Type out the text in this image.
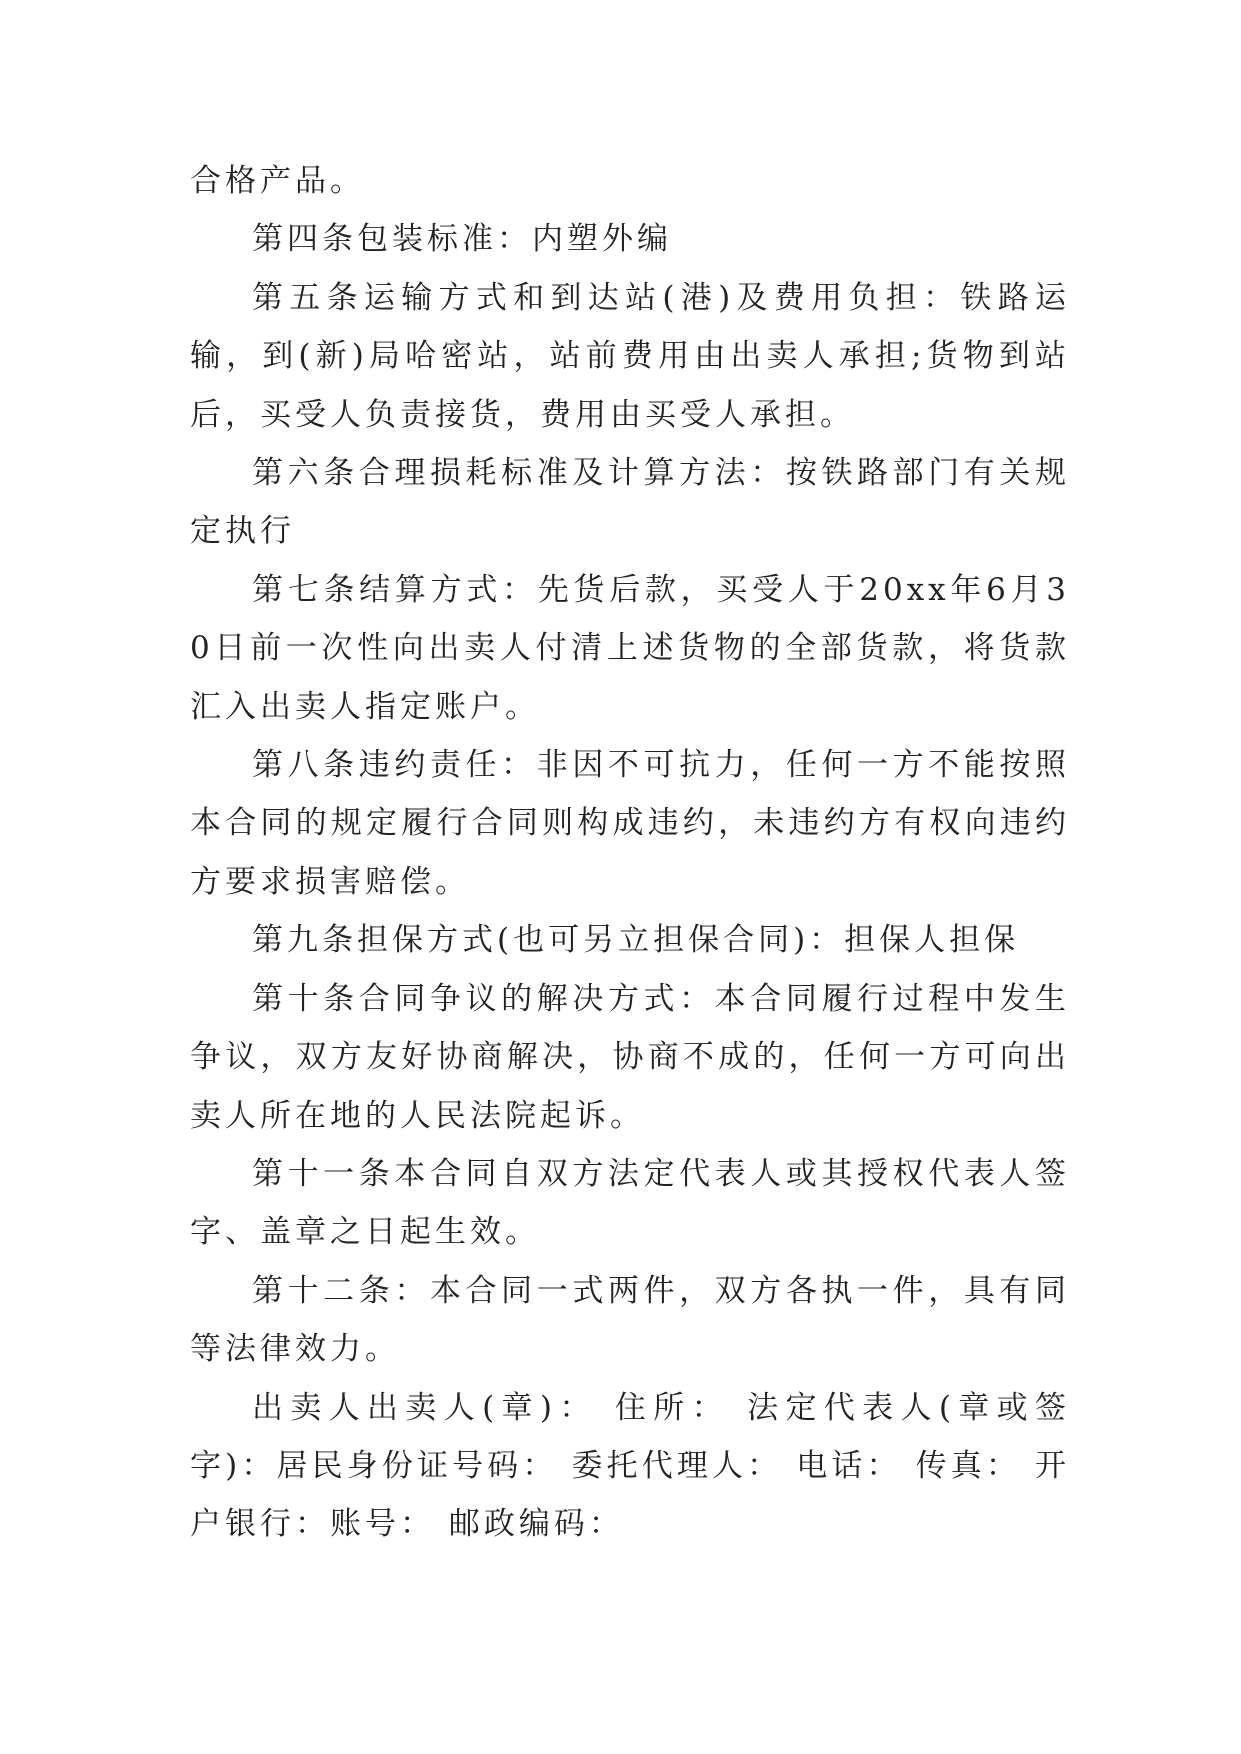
合格产品。

第四条包装标准：内塑外编

第五条运输方式和到达站(港)及费用负担：铁路运输，到(新)局哈密站，站前费用由出卖人承担;货物到站后，买受人负责接货，费用由买受人承担。

第六条合理损耗标准及计算方法：按铁路部门有关规定执行

第七条结算方式：先货后款，买受人于20xx年6月30日前一次性向出卖人付清上述货物的全部货款，将货款汇入出卖人指定账户。

第八条违约责任：非因不可抗力，任何一方不能按照本合同的规定履行合同则构成违约，未违约方有权向违约方要求损害赔偿。

第九条担保方式(也可另立担保合同)：担保人担保

第十条合同争议的解决方式：本合同履行过程中发生争议，双方友好协商解决，协商不成的，任何一方可向出卖人所在地的人民法院起诉。

第十一条本合同自双方法定代表人或其授权代表人签字、盖章之日起生效。

第十二条：本合同一式两件，双方各执一件，具有同等法律效力。

出卖人出卖人(章)： 住所： 法定代表人(章或签字)：居民身份证号码： 委托代理人： 电话： 传真： 开户银行：账号： 邮政编码：
